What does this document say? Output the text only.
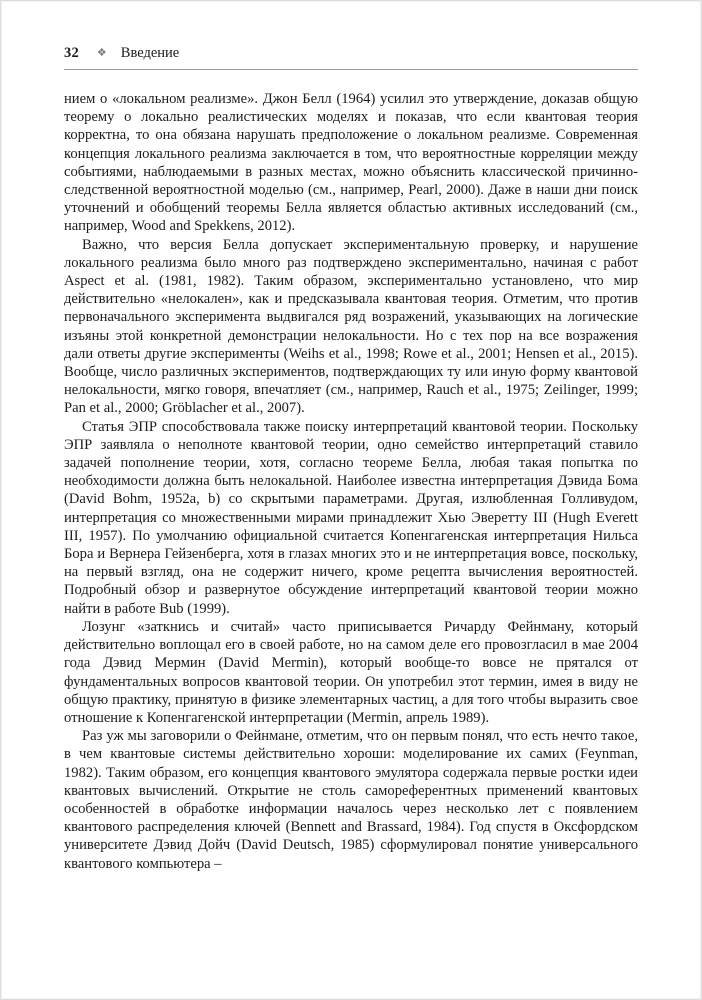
32 ❖ Введение

нием о «локальном реализме». Джон Белл (1964) усилил это утверждение, доказав общую теорему о локально реалистических моделях и показав, что если квантовая теория корректна, то она обязана нарушать предположение о локальном реализме. Современная концепция локального реализма заключается в том, что вероятностные корреляции между событиями, наблюдаемыми в разных местах, можно объяснить классической причинно-следственной вероятностной моделью (см., например, Pearl, 2000). Даже в наши дни поиск уточнений и обобщений теоремы Белла является областью активных исследований (см., например, Wood and Spekkens, 2012).

Важно, что версия Белла допускает экспериментальную проверку, и нарушение локального реализма было много раз подтверждено экспериментально, начиная с работ Aspect et al. (1981, 1982). Таким образом, экспериментально установлено, что мир действительно «нелокален», как и предсказывала квантовая теория. Отметим, что против первоначального эксперимента выдвигался ряд возражений, указывающих на логические изъяны этой конкретной демонстрации нелокальности. Но с тех пор на все возражения дали ответы другие эксперименты (Weihs et al., 1998; Rowe et al., 2001; Hensen et al., 2015). Вообще, число различных экспериментов, подтверждающих ту или иную форму квантовой нелокальности, мягко говоря, впечатляет (см., например, Rauch et al., 1975; Zeilinger, 1999; Pan et al., 2000; Gröblacher et al., 2007).

Статья ЭПР способствовала также поиску интерпретаций квантовой теории. Поскольку ЭПР заявляла о неполноте квантовой теории, одно семейство интерпретаций ставило задачей пополнение теории, хотя, согласно теореме Белла, любая такая попытка по необходимости должна быть нелокальной. Наиболее известна интерпретация Дэвида Бома (David Bohm, 1952a, b) со скрытыми параметрами. Другая, излюбленная Голливудом, интерпретация со множественными мирами принадлежит Хью Эверетту III (Hugh Everett III, 1957). По умолчанию официальной считается Копенгагенская интерпретация Нильса Бора и Вернера Гейзенберга, хотя в глазах многих это и не интерпретация вовсе, поскольку, на первый взгляд, она не содержит ничего, кроме рецепта вычисления вероятностей. Подробный обзор и развернутое обсуждение интерпретаций квантовой теории можно найти в работе Bub (1999).

Лозунг «заткнись и считай» часто приписывается Ричарду Фейнману, который действительно воплощал его в своей работе, но на самом деле его провозгласил в мае 2004 года Дэвид Мермин (David Mermin), который вообще-то вовсе не прятался от фундаментальных вопросов квантовой теории. Он употребил этот термин, имея в виду не общую практику, принятую в физике элементарных частиц, а для того чтобы выразить свое отношение к Копенгагенской интерпретации (Mermin, апрель 1989).

Раз уж мы заговорили о Фейнмане, отметим, что он первым понял, что есть нечто такое, в чем квантовые системы действительно хороши: моделирование их самих (Feynman, 1982). Таким образом, его концепция квантового эмулятора содержала первые ростки идеи квантовых вычислений. Открытие не столь самореферентных применений квантовых особенностей в обработке информации началось через несколько лет с появлением квантового распределения ключей (Bennett and Brassard, 1984). Год спустя в Оксфордском университете Дэвид Дойч (David Deutsch, 1985) сформулировал понятие универсального квантового компьютера –
